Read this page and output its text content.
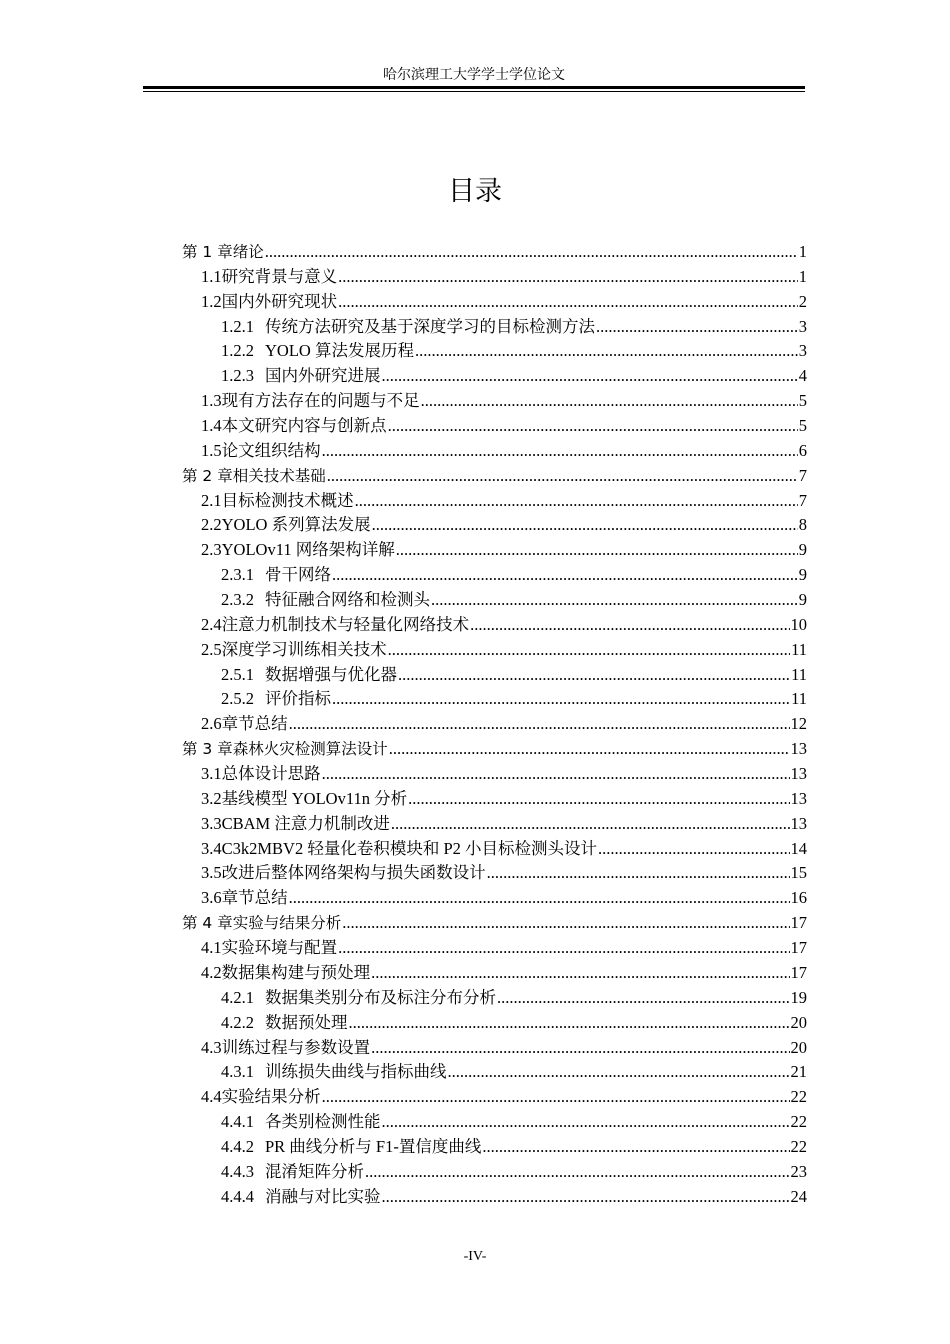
哈尔滨理工大学学士学位论文
目录
第 1 章 绪论 .....	1
1.1 研究背景与意义 .....	1
1.2 国内外研究现状 .....	2
1.2.1 传统方法研究及基于深度学习的目标检测方法 .....	3
1.2.2 YOLO 算法发展历程 .....	3
1.2.3 国内外研究进展 .....	4
1.3 现有方法存在的问题与不足 .....	5
1.4 本文研究内容与创新点 .....	5
1.5 论文组织结构 .....	6
第 2 章 相关技术基础 .....	7
2.1 目标检测技术概述 .....	7
2.2 YOLO 系列算法发展 .....	8
2.3 YOLOv11 网络架构详解 .....	9
2.3.1 骨干网络 .....	9
2.3.2 特征融合网络和检测头 .....	9
2.4 注意力机制技术与轻量化网络技术 .....	10
2.5 深度学习训练相关技术 .....	11
2.5.1 数据增强与优化器 .....	11
2.5.2 评价指标 .....	11
2.6 章节总结 .....	12
第 3 章 森林火灾检测算法设计 .....	13
3.1 总体设计思路 .....	13
3.2 基线模型 YOLOv11n 分析 .....	13
3.3 CBAM 注意力机制改进 .....	13
3.4 C3k2MBV2 轻量化卷积模块和 P2 小目标检测头设计 .....	14
3.5 改进后整体网络架构与损失函数设计 .....	15
3.6 章节总结 .....	16
第 4 章 实验与结果分析 .....	17
4.1 实验环境与配置 .....	17
4.2 数据集构建与预处理 .....	17
4.2.1 数据集类别分布及标注分布分析 .....	19
4.2.2 数据预处理 .....	20
4.3 训练过程与参数设置 .....	20
4.3.1 训练损失曲线与指标曲线 .....	21
4.4 实验结果分析 .....	22
4.4.1 各类别检测性能 .....	22
4.4.2 PR 曲线分析与 F1-置信度曲线 .....	22
4.4.3 混淆矩阵分析 .....	23
4.4.4 消融与对比实验 .....	24
-IV-
